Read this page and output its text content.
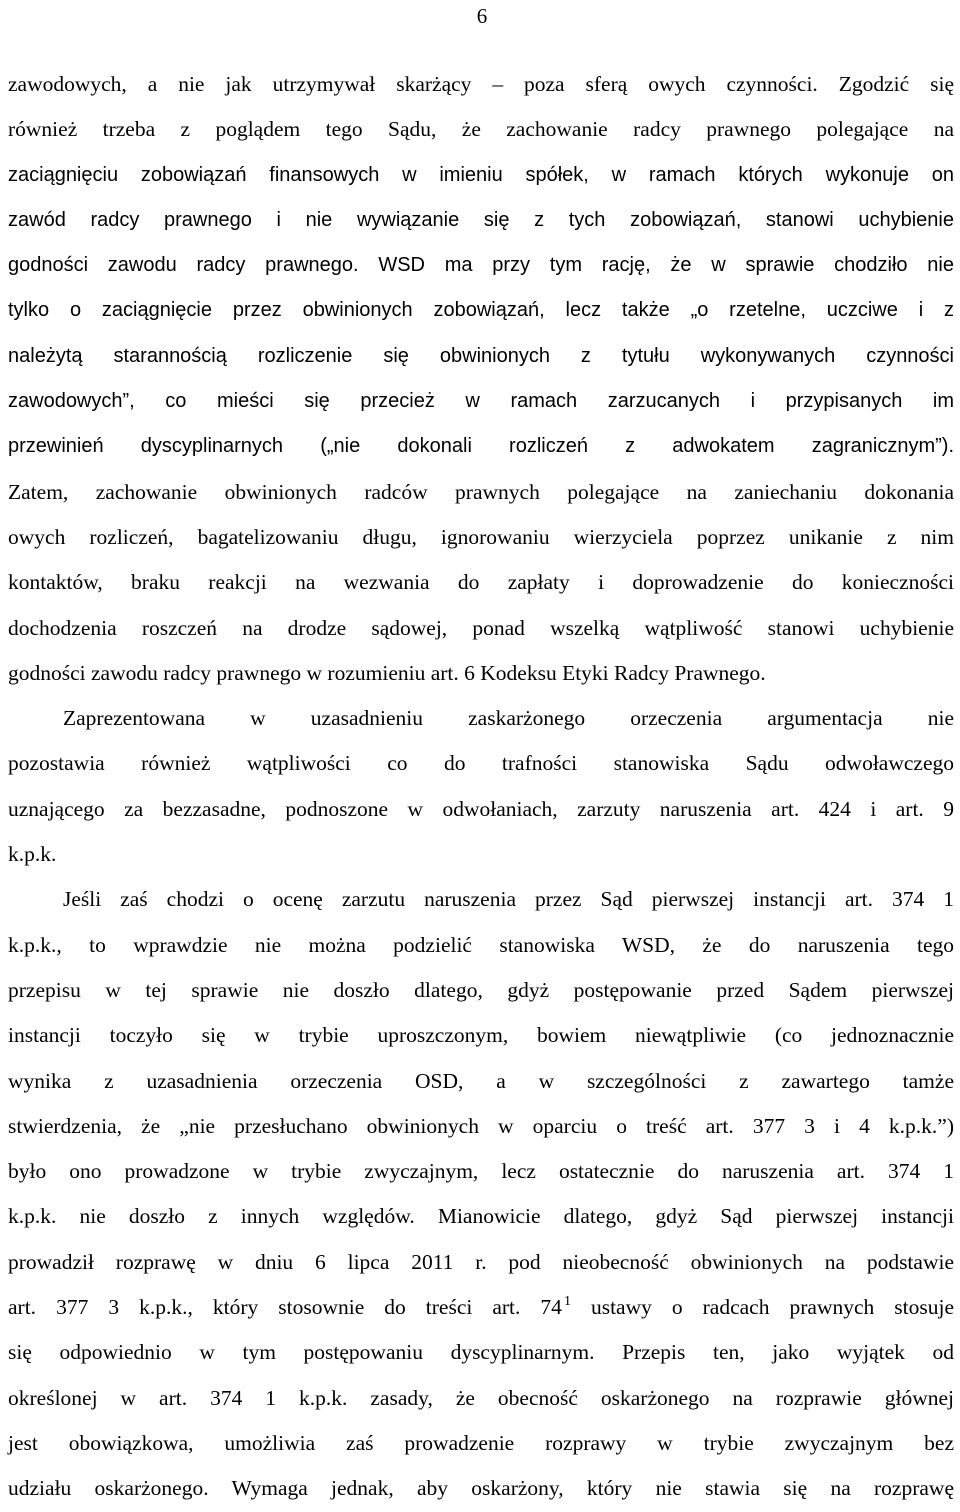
6
zawodowych, a nie jak utrzymywał skarżący – poza sferą owych czynności. Zgodzić się
również trzeba z poglądem tego Sądu, że zachowanie radcy prawnego polegające na
zaciągnięciu zobowiązań finansowych w imieniu spółek, w ramach których wykonuje on
zawód radcy prawnego i nie wywiązanie się z tych zobowiązań, stanowi uchybienie
godności zawodu radcy prawnego. WSD ma przy tym rację, że w sprawie chodziło nie
tylko o zaciągnięcie przez obwinionych zobowiązań, lecz także „o rzetelne, uczciwe i z
należytą starannością rozliczenie się obwinionych z tytułu wykonywanych czynności
zawodowych”, co mieści się przecież w ramach zarzucanych i przypisanych im
przewinień dyscyplinarnych („nie dokonali rozliczeń z adwokatem zagranicznym”).
Zatem, zachowanie obwinionych radców prawnych polegające na zaniechaniu dokonania
owych rozliczeń, bagatelizowaniu długu, ignorowaniu wierzyciela poprzez unikanie z nim
kontaktów, braku reakcji na wezwania do zapłaty i doprowadzenie do konieczności
dochodzenia roszczeń na drodze sądowej, ponad wszelką wątpliwość stanowi uchybienie
godności zawodu radcy prawnego w rozumieniu art. 6 Kodeksu Etyki Radcy Prawnego.
Zaprezentowana w uzasadnieniu zaskarżonego orzeczenia argumentacja nie
pozostawia również wątpliwości co do trafności stanowiska Sądu odwoławczego
uznającego za bezzasadne, podnoszone w odwołaniach, zarzuty naruszenia art. 424 i art. 9
k.p.k.
Jeśli zaś chodzi o ocenę zarzutu naruszenia przez Sąd pierwszej instancji art. 374 1
k.p.k., to wprawdzie nie można podzielić stanowiska WSD, że do naruszenia tego
przepisu w tej sprawie nie doszło dlatego, gdyż postępowanie przed Sądem pierwszej
instancji toczyło się w trybie uproszczonym, bowiem niewątpliwie (co jednoznacznie
wynika z uzasadnienia orzeczenia OSD, a w szczególności z zawartego tamże
stwierdzenia, że „nie przesłuchano obwinionych w oparciu o treść art. 377 3 i 4 k.p.k.”)
było ono prowadzone w trybie zwyczajnym, lecz ostatecznie do naruszenia art. 374 1
k.p.k. nie doszło z innych względów. Mianowicie dlatego, gdyż Sąd pierwszej instancji
prowadził rozprawę w dniu 6 lipca 2011 r. pod nieobecność obwinionych na podstawie
art. 377 3 k.p.k., który stosownie do treści art. 74 $^1$ ustawy o radcach prawnych stosuje
się odpowiednio w tym postępowaniu dyscyplinarnym. Przepis ten, jako wyjątek od
określonej w art. 374 1 k.p.k. zasady, że obecność oskarżonego na rozprawie głównej
jest obowiązkowa, umożliwia zaś prowadzenie rozprawy w trybie zwyczajnym bez
udziału oskarżonego. Wymaga jednak, aby oskarżony, który nie stawia się na rozprawę
